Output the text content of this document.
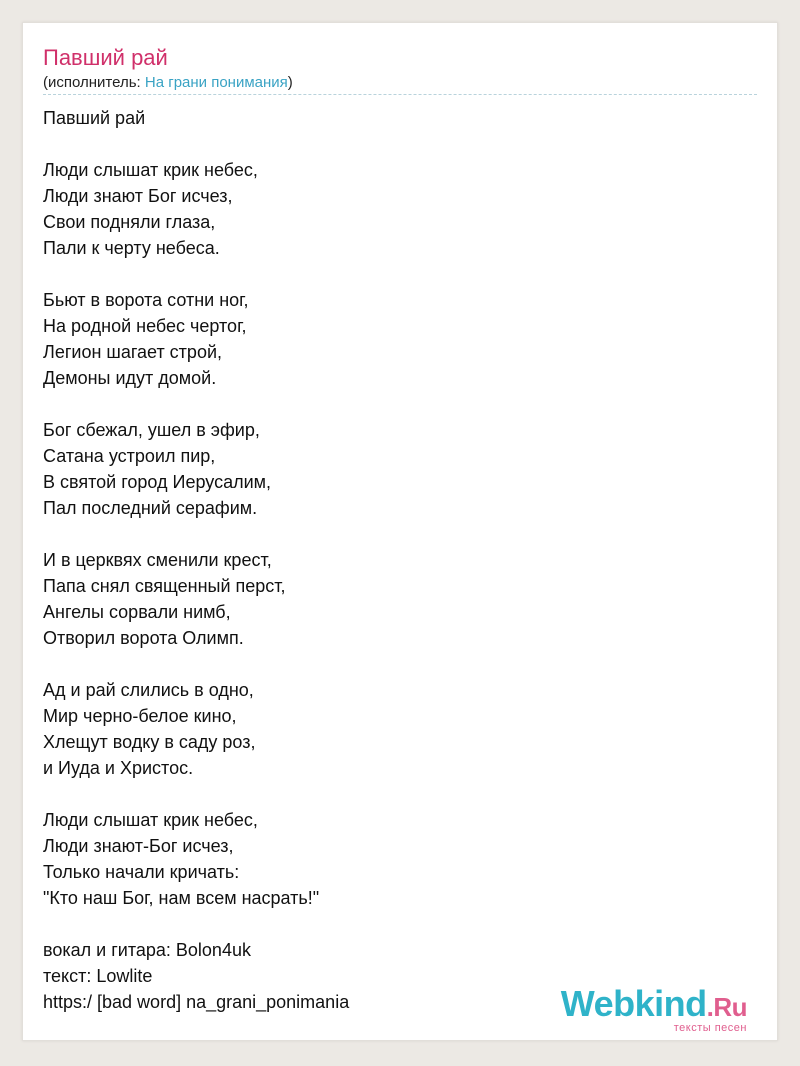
Павший рай
(исполнитель: На грани понимания)
Павший рай

Люди слышат крик небес,
Люди знают Бог исчез,
Свои подняли глаза,
Пали к черту небеса.

Бьют в ворота сотни ног,
На родной небес чертог,
Легион шагает строй,
Демоны идут домой.

Бог сбежал, ушел в эфир,
Сатана устроил пир,
В святой город Иерусалим,
Пал последний серафим.

И в церквях сменили крест,
Папа снял священный перст,
Ангелы сорвали нимб,
Отворил ворота Олимп.

Ад и рай слились в одно,
Мир черно-белое кино,
Хлещут водку в саду роз,
и Иуда и Христос.

Люди слышат крик небес,
Люди знают-Бог исчез,
Только начали кричать:
"Кто наш Бог, нам всем насрать!"

вокал и гитара: Bolon4uk
текст: Lowlite
https:/ [bad word] na_grani_ponimania	Webkind.Ru
тексты песен
